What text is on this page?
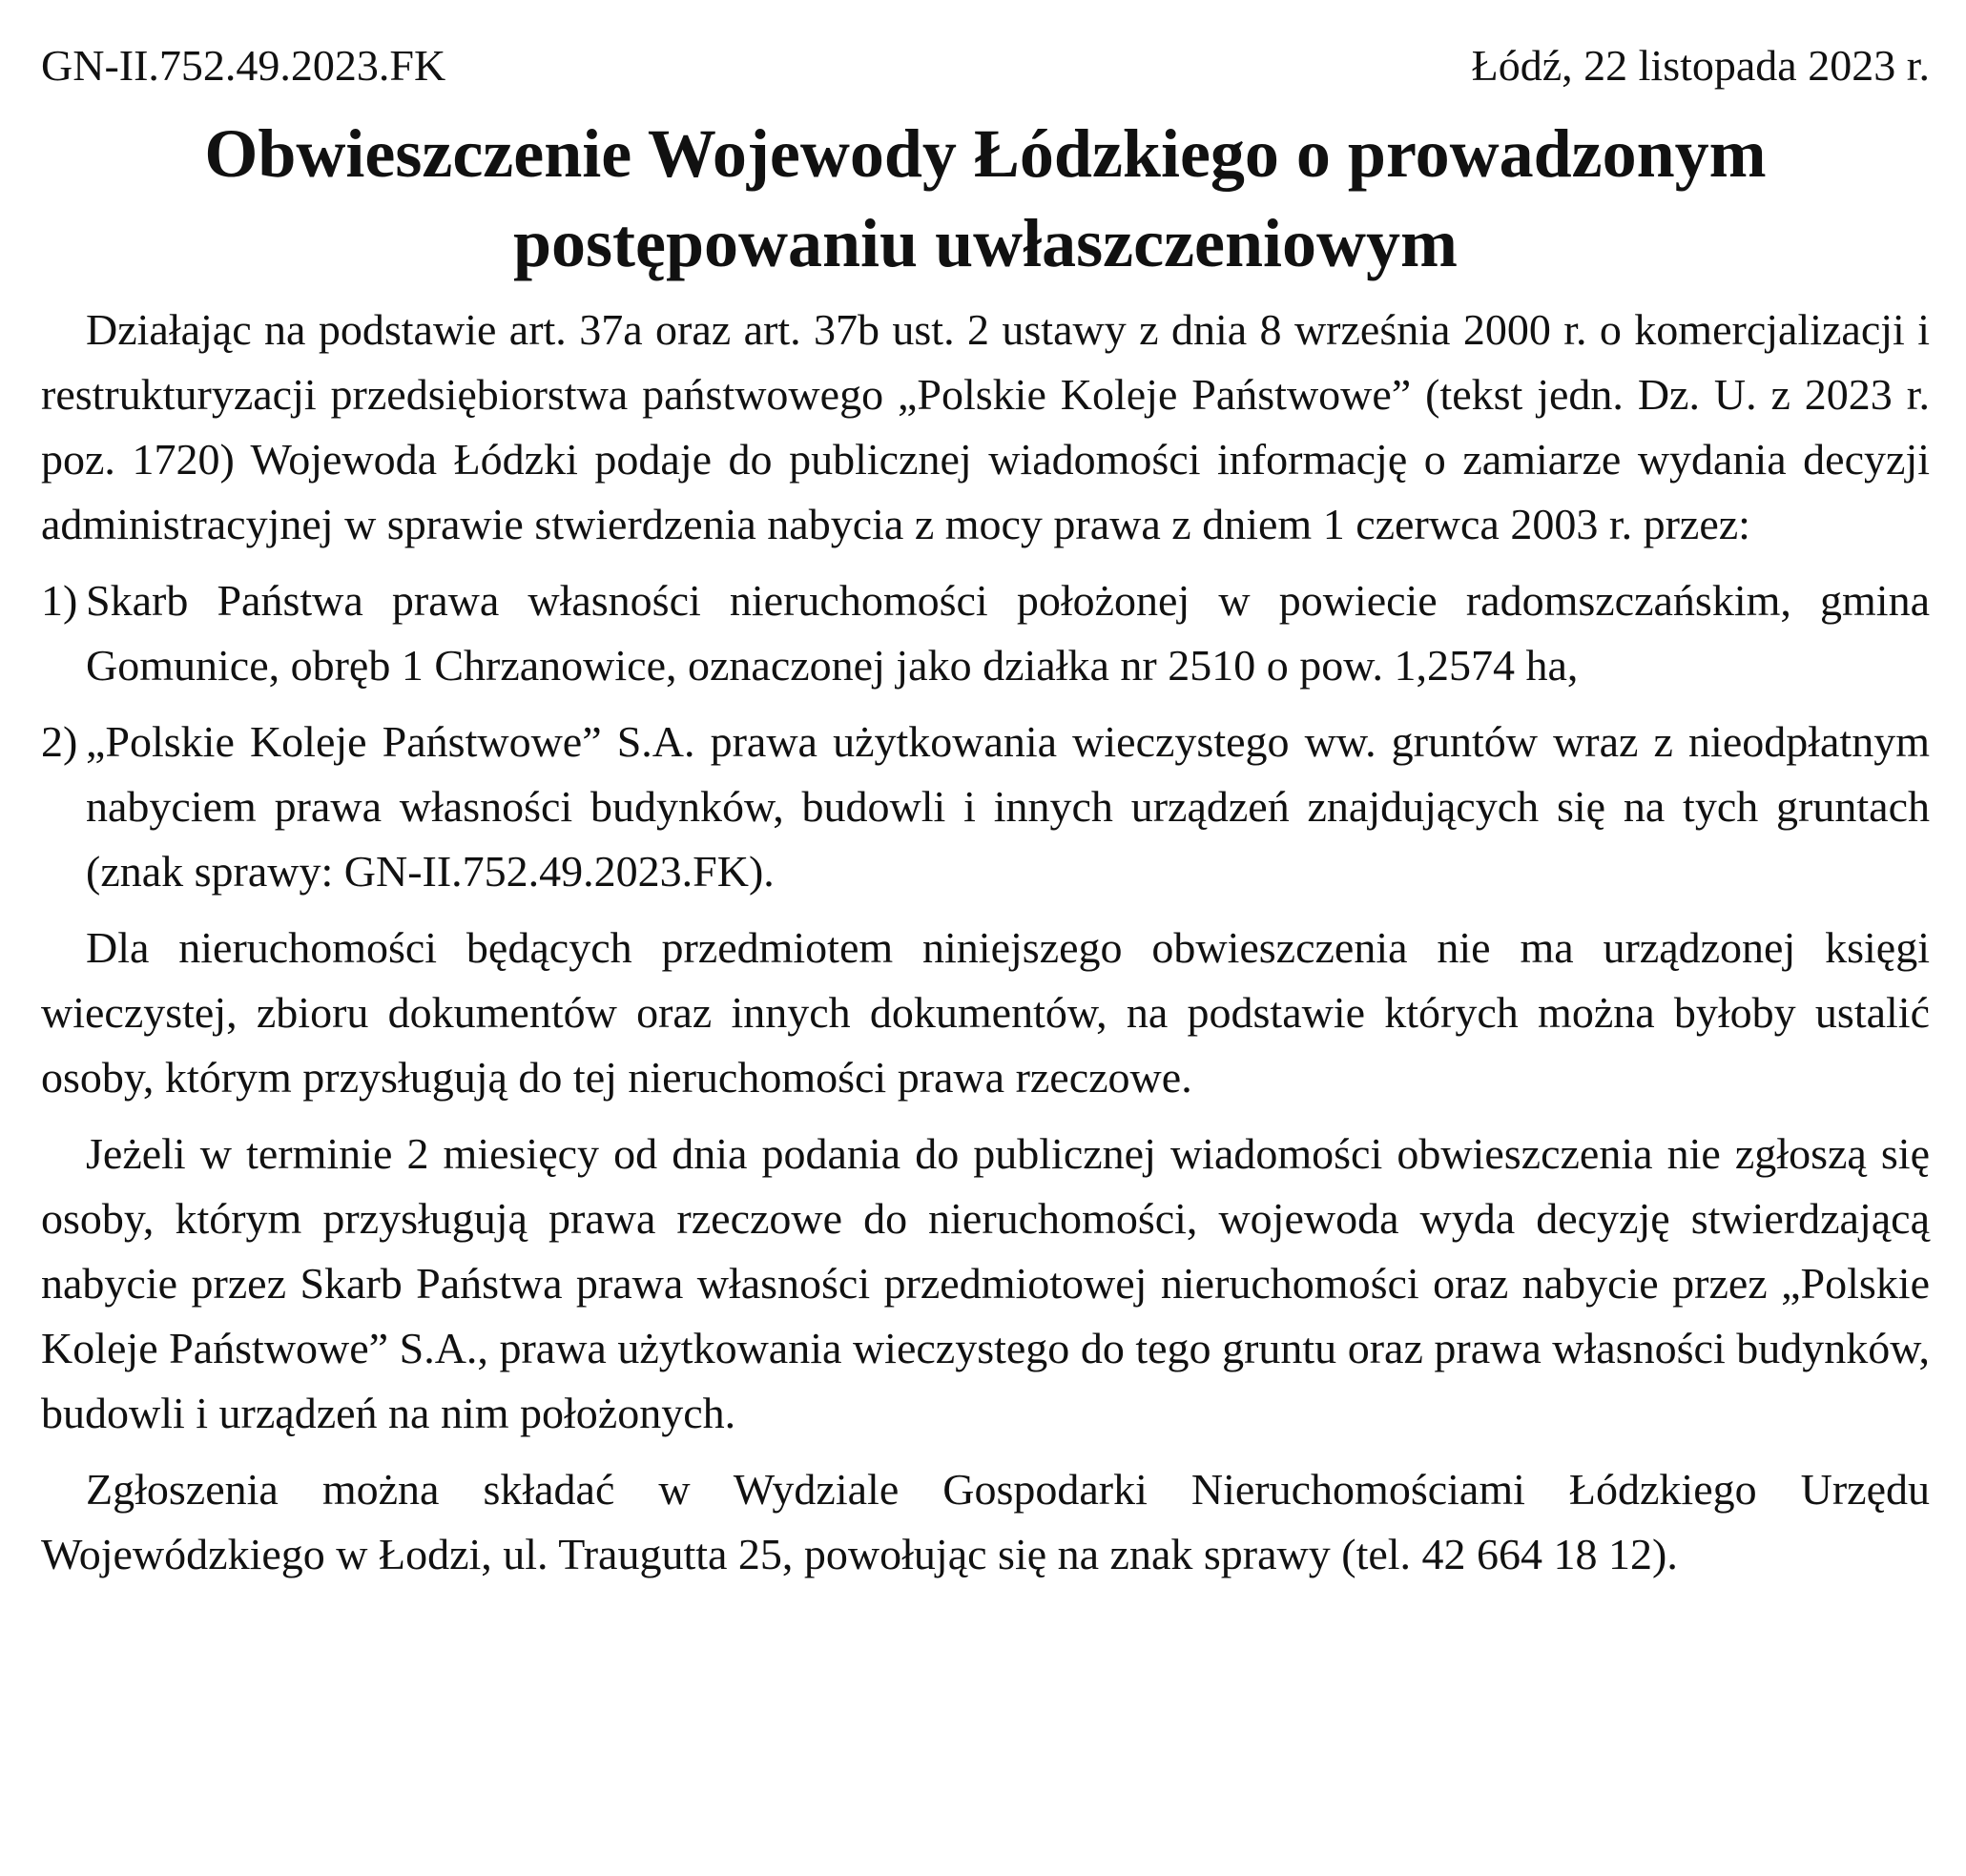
GN-II.752.49.2023.FK	Łódź, 22 listopada 2023 r.
Obwieszczenie Wojewody Łódzkiego o prowadzonym postępowaniu uwłaszczeniowym

Działając na podstawie art. 37a oraz art. 37b ust. 2 ustawy z dnia 8 września 2000 r. o komercjalizacji i restrukturyzacji przedsiębiorstwa państwowego „Polskie Koleje Państwowe” (tekst jedn. Dz. U. z 2023 r. poz. 1720) Wojewoda Łódzki podaje do publicznej wiadomości informację o zamiarze wydania decyzji administracyjnej w sprawie stwierdzenia nabycia z mocy prawa z dniem 1 czerwca 2003 r. przez:

1) Skarb Państwa prawa własności nieruchomości położonej w powiecie radomszczańskim, gmina Gomunice, obręb 1 Chrzanowice, oznaczonej jako działka nr 2510 o pow. 1,2574 ha,
2) „Polskie Koleje Państwowe” S.A. prawa użytkowania wieczystego ww. gruntów wraz z nieodpłatnym nabyciem prawa własności budynków, budowli i innych urządzeń znajdujących się na tych gruntach (znak sprawy: GN-II.752.49.2023.FK).

Dla nieruchomości będących przedmiotem niniejszego obwieszczenia nie ma urządzonej księgi wieczystej, zbioru dokumentów oraz innych dokumentów, na podstawie których można byłoby ustalić osoby, którym przysługują do tej nieruchomości prawa rzeczowe.

Jeżeli w terminie 2 miesięcy od dnia podania do publicznej wiadomości obwieszczenia nie zgłoszą się osoby, którym przysługują prawa rzeczowe do nieruchomości, wojewoda wyda decyzję stwierdzającą nabycie przez Skarb Państwa prawa własności przedmiotowej nieruchomości oraz nabycie przez „Polskie Koleje Państwowe” S.A., prawa użytkowania wieczystego do tego gruntu oraz prawa własności budynków, budowli i urządzeń na nim położonych.

Zgłoszenia można składać w Wydziale Gospodarki Nieruchomościami Łódzkiego Urzędu Wojewódzkiego w Łodzi, ul. Traugutta 25, powołując się na znak sprawy (tel. 42 664 18 12).
